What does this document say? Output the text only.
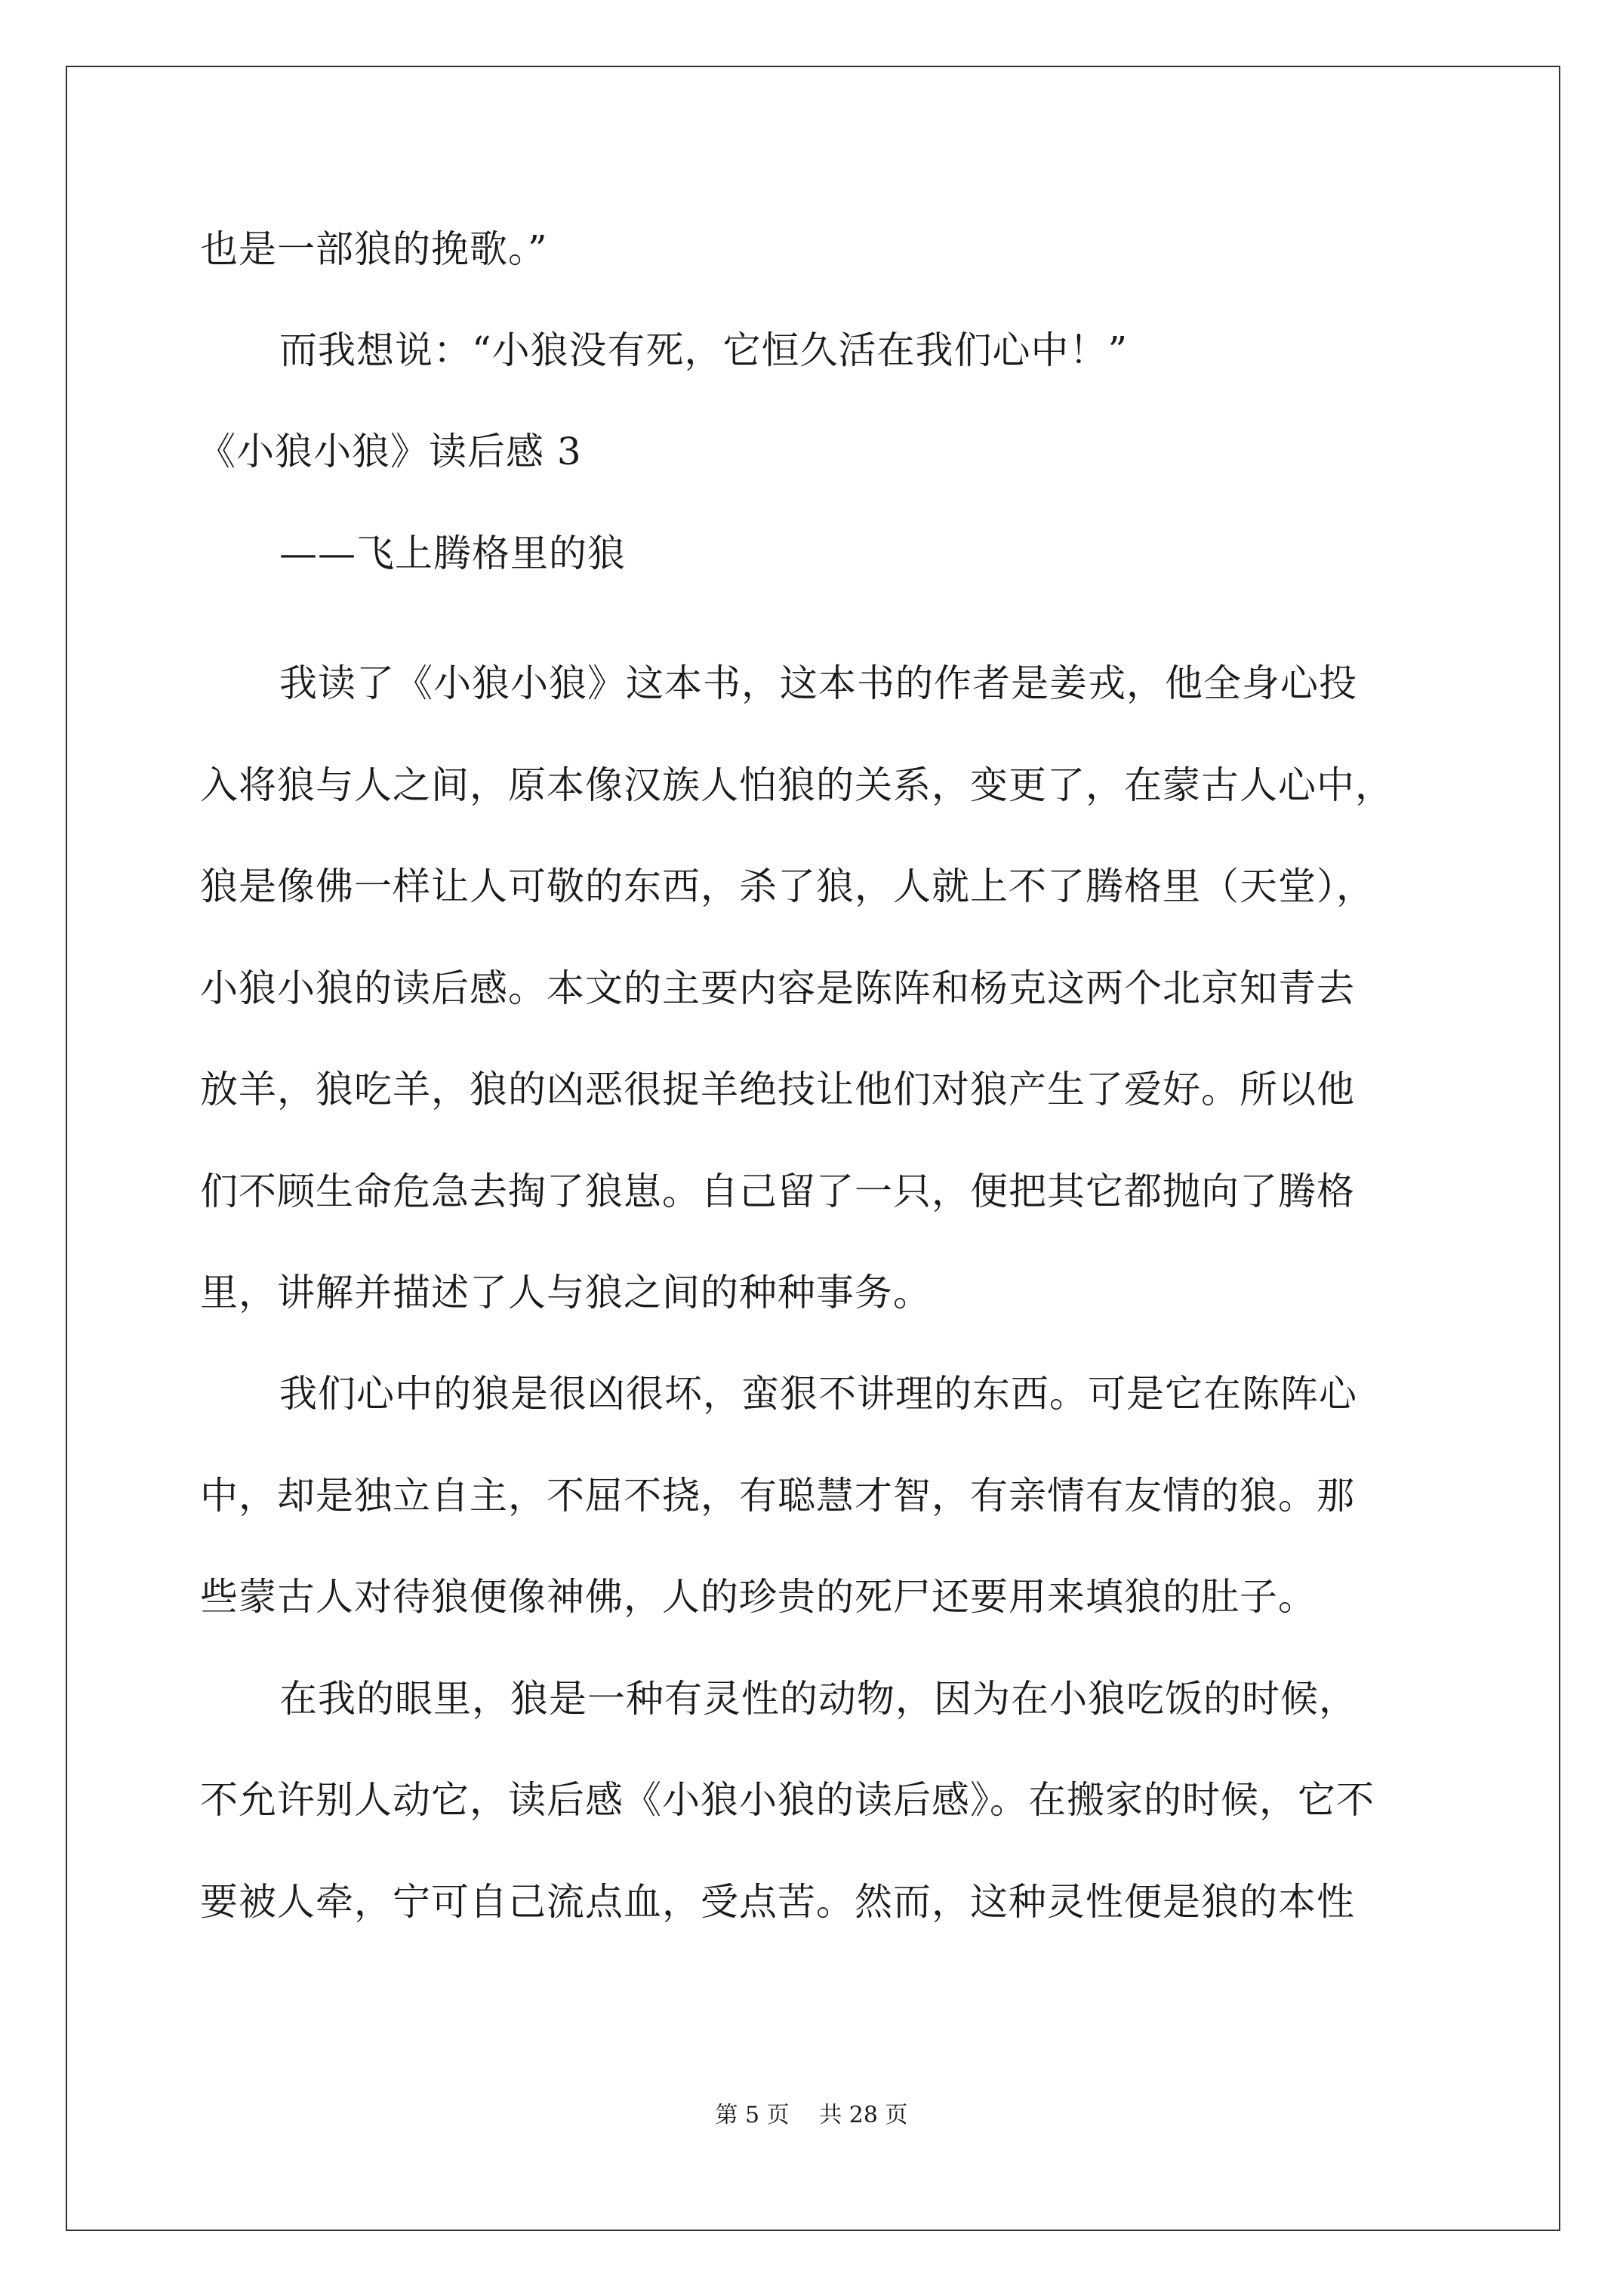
也是一部狼的挽歌。”
而我想说：“小狼没有死，它恒久活在我们心中！”
《小狼小狼》读后感 3
——飞上腾格里的狼
我读了《小狼小狼》这本书，这本书的作者是姜戎，他全身心投
入将狼与人之间，原本像汉族人怕狼的关系，变更了，在蒙古人心中，
狼是像佛一样让人可敬的东西，杀了狼，人就上不了腾格里（天堂），
小狼小狼的读后感。本文的主要内容是陈阵和杨克这两个北京知青去
放羊，狼吃羊，狼的凶恶很捉羊绝技让他们对狼产生了爱好。所以他
们不顾生命危急去掏了狼崽。自己留了一只，便把其它都抛向了腾格
里，讲解并描述了人与狼之间的种种事务。
我们心中的狼是很凶很坏，蛮狠不讲理的东西。可是它在陈阵心
中，却是独立自主，不屈不挠，有聪慧才智，有亲情有友情的狼。那
些蒙古人对待狼便像神佛，人的珍贵的死尸还要用来填狼的肚子。
在我的眼里，狼是一种有灵性的动物，因为在小狼吃饭的时候，
不允许别人动它，读后感《小狼小狼的读后感》。在搬家的时候，它不
要被人牵，宁可自己流点血，受点苦。然而，这种灵性便是狼的本性
第 5 页　 共 28 页
